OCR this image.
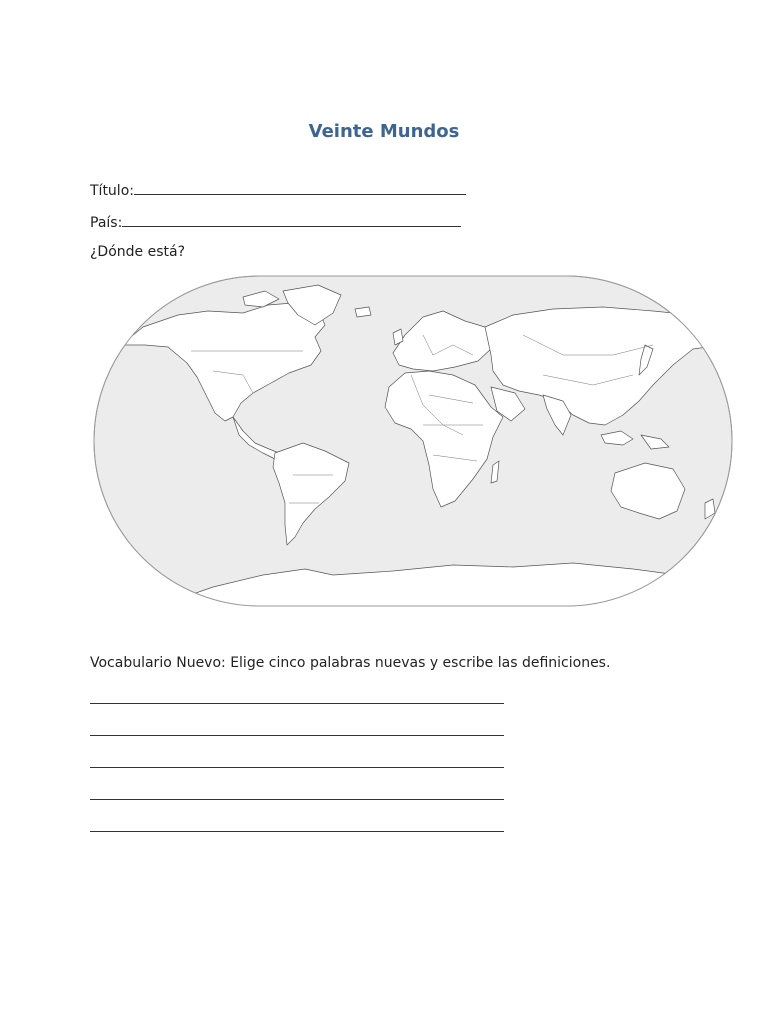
Veinte Mundos
Título:
País:
¿Dónde está?
Vocabulario Nuevo: Elige cinco palabras nuevas y escribe las definiciones.
